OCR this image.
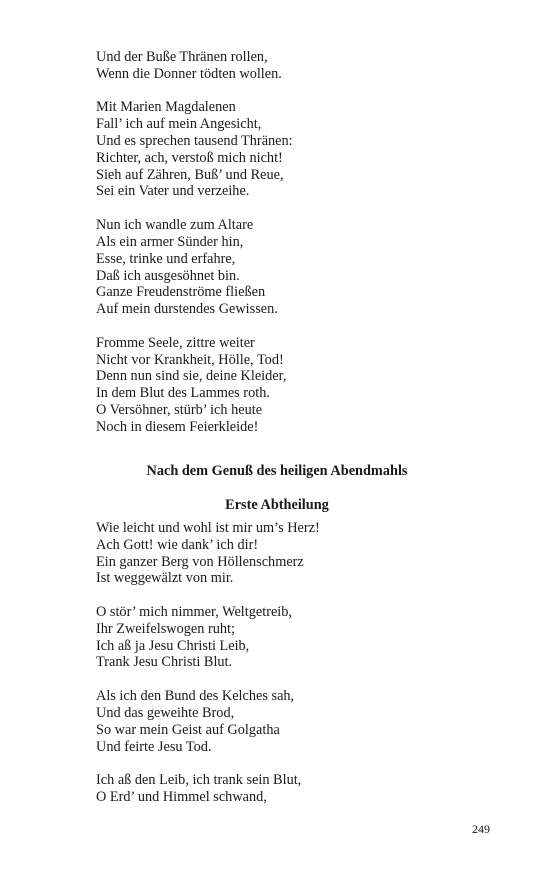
Und der Buße Thränen rollen,
Wenn die Donner tödten wollen.
Mit Marien Magdalenen
Fall’ ich auf mein Angesicht,
Und es sprechen tausend Thränen:
Richter, ach, verstoß mich nicht!
Sieh auf Zähren, Buß’ und Reue,
Sei ein Vater und verzeihe.
Nun ich wandle zum Altare
Als ein armer Sünder hin,
Esse, trinke und erfahre,
Daß ich ausgesöhnet bin.
Ganze Freudenströme fließen
Auf mein durstendes Gewissen.
Fromme Seele, zittre weiter
Nicht vor Krankheit, Hölle, Tod!
Denn nun sind sie, deine Kleider,
In dem Blut des Lammes roth.
O Versöhner, stürb’ ich heute
Noch in diesem Feierkleide!
Nach dem Genuß des heiligen Abendmahls
Erste Abtheilung
Wie leicht und wohl ist mir um’s Herz!
Ach Gott! wie dank’ ich dir!
Ein ganzer Berg von Höllenschmerz
Ist weggewälzt von mir.
O stör’ mich nimmer, Weltgetreib,
Ihr Zweifelswogen ruht;
Ich aß ja Jesu Christi Leib,
Trank Jesu Christi Blut.
Als ich den Bund des Kelches sah,
Und das geweihte Brod,
So war mein Geist auf Golgatha
Und feirte Jesu Tod.
Ich aß den Leib, ich trank sein Blut,
O Erd’ und Himmel schwand,
249
